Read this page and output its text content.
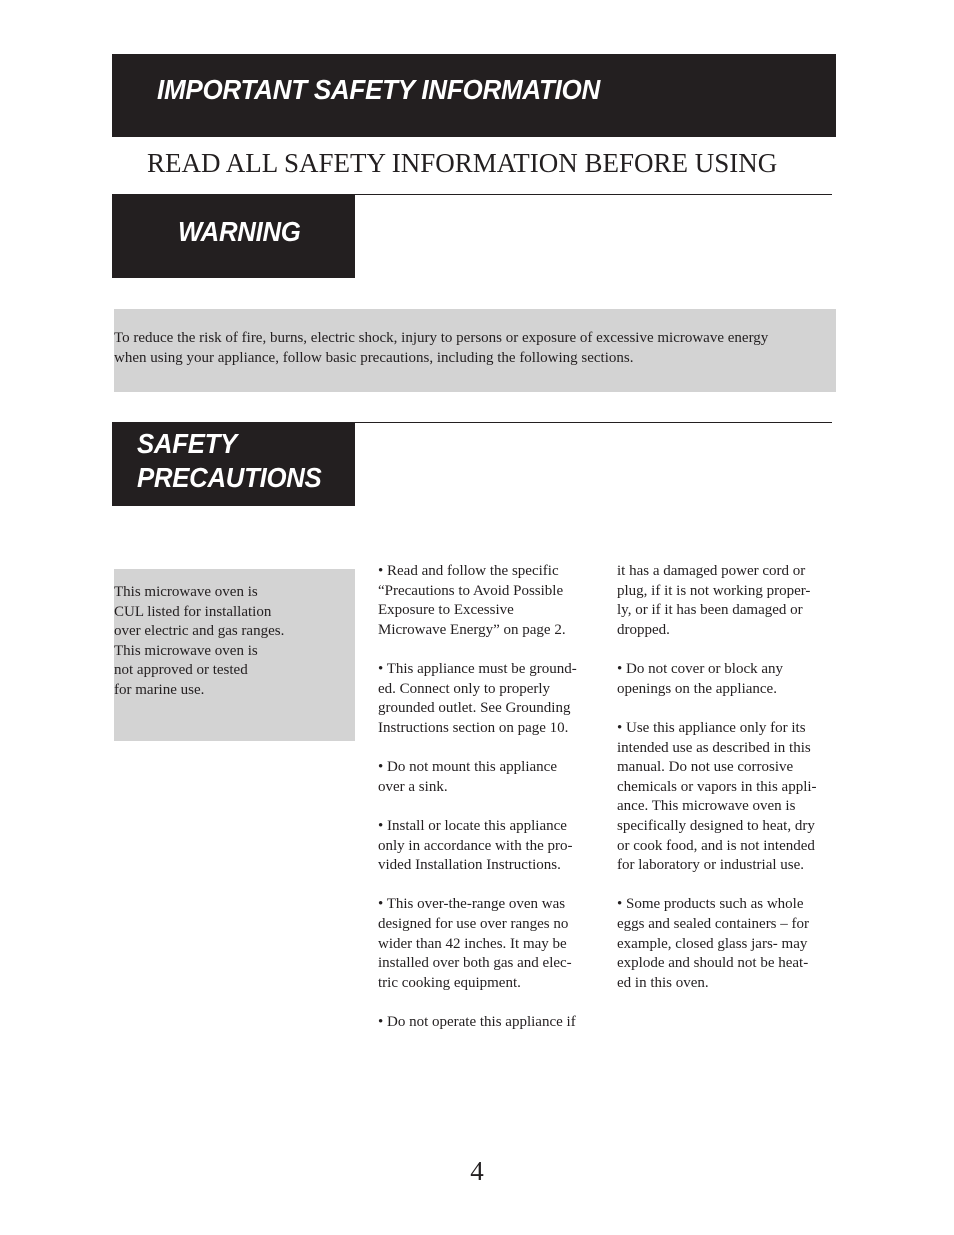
IMPORTANT SAFETY INFORMATION
READ ALL SAFETY INFORMATION BEFORE USING
WARNING
To reduce the risk of fire, burns, electric shock, injury to persons or exposure of excessive microwave energy
when using your appliance, follow basic precautions, including the following sections.
SAFETY
PRECAUTIONS
This microwave oven is
CUL listed for installation
over electric and gas ranges.
This microwave oven is
not approved or tested
for marine use.

• Read and follow the specific
“Precautions to Avoid Possible
Exposure to Excessive
Microwave Energy” on page 2.

• This appliance must be ground-
ed. Connect only to properly
grounded outlet. See Grounding
Instructions section on page 10.

• Do not mount this appliance
over a sink.

• Install or locate this appliance
only in accordance with the pro-
vided Installation Instructions.

• This over-the-range oven was
designed for use over ranges no
wider than 42 inches. It may be
installed over both gas and elec-
tric cooking equipment.

• Do not operate this appliance if

it has a damaged power cord or
plug, if it is not working proper-
ly, or if it has been damaged or
dropped.

• Do not cover or block any
openings on the appliance.

• Use this appliance only for its
intended use as described in this
manual. Do not use corrosive
chemicals or vapors in this appli-
ance. This microwave oven is
specifically designed to heat, dry
or cook food, and is not intended
for laboratory or industrial use.

• Some products such as whole
eggs and sealed containers – for
example, closed glass jars- may
explode and should not be heat-
ed in this oven.

4
